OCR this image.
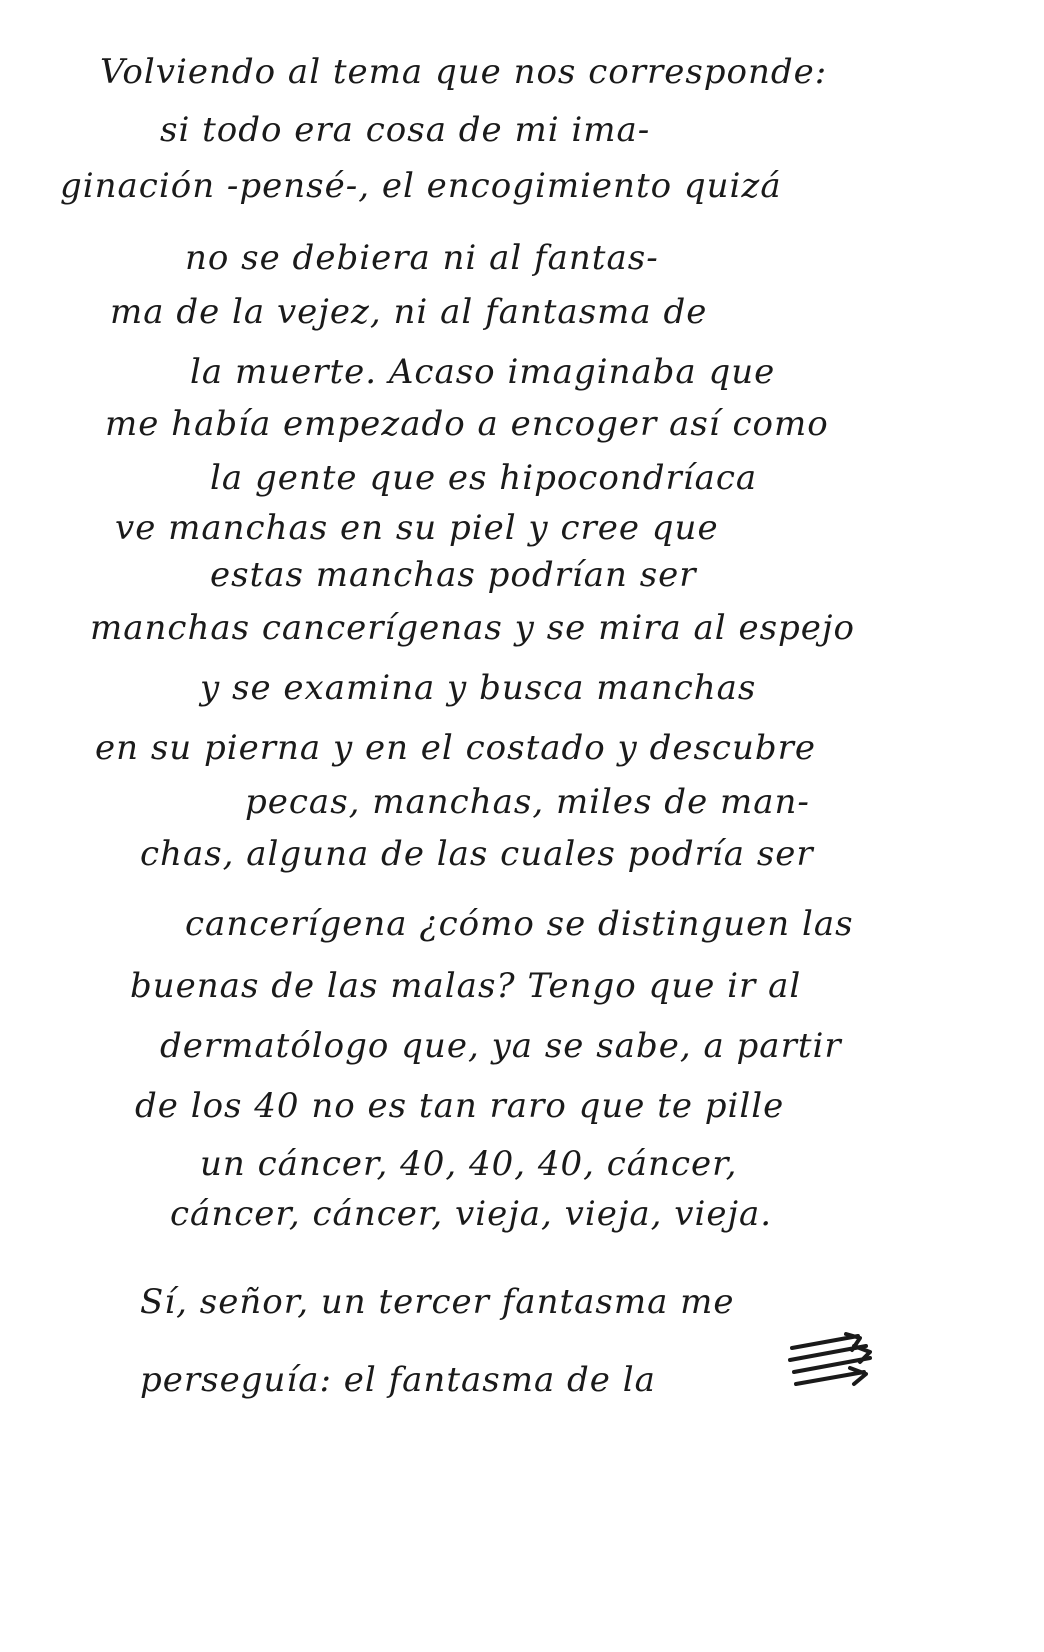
Volviendo al tema que nos corresponde:
si todo era cosa de mi ima-
ginación -pensé-, el encogimiento quizá
no se debiera ni al fantas-
ma de la vejez, ni al fantasma de
la muerte. Acaso imaginaba que
me había empezado a encoger así como
la gente que es hipocondríaca
ve manchas en su piel y cree que
estas manchas podrían ser
manchas cancerígenas y se mira al espejo
y se examina y busca manchas
en su pierna y en el costado y descubre
pecas, manchas, miles de man-
chas, alguna de las cuales podría ser
cancerígena ¿cómo se distinguen las
buenas de las malas? Tengo que ir al
dermatólogo que, ya se sabe, a partir
de los 40 no es tan raro que te pille
un cáncer, 40, 40, 40, cáncer,
cáncer, cáncer, vieja, vieja, vieja.
Sí, señor, un tercer fantasma me
perseguía: el fantasma de la
